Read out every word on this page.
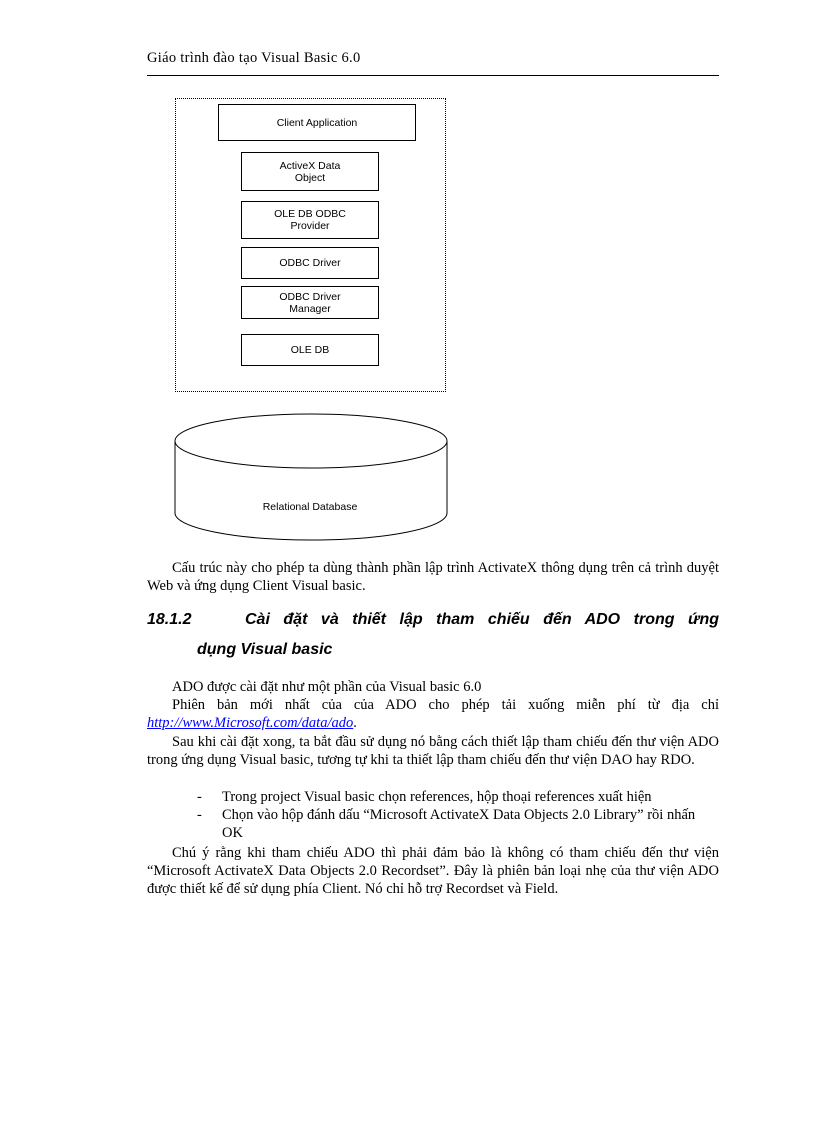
Giáo trình đào tạo Visual Basic 6.0
Client Application
ActiveX Data
Object
OLE DB ODBC
Provider
ODBC Driver
ODBC Driver
Manager
OLE DB
Relational Database
Cấu trúc này cho phép ta dùng thành phần lập trình ActivateX thông dụng trên cả trình duyệt Web và ứng dụng Client Visual basic.
18.1.2	Cài đặt và thiết lập tham chiếu đến ADO trong ứng
dụng Visual basic
ADO được cài đặt như một phần của Visual basic 6.0
Phiên bản mới nhất của của ADO cho phép tải xuống miễn phí từ địa chỉ http://www.Microsoft.com/data/ado.
Sau khi cài đặt xong, ta bắt đầu sử dụng nó bằng cách thiết lập tham chiếu đến thư viện ADO trong ứng dụng Visual basic, tương tự khi ta thiết lập tham chiếu đến thư viện DAO hay RDO.
- Trong project Visual basic chọn references, hộp thoại references xuất hiện
- Chọn vào hộp đánh dấu “Microsoft ActivateX Data Objects 2.0 Library” rồi nhấn OK
Chú ý rằng khi tham chiếu ADO thì phải đảm bảo là không có tham chiếu đến thư viện “Microsoft ActivateX Data Objects 2.0 Recordset”. Đây là phiên bản loại nhẹ của thư viện ADO được thiết kế để sử dụng phía Client. Nó chỉ hỗ trợ Recordset và Field.
